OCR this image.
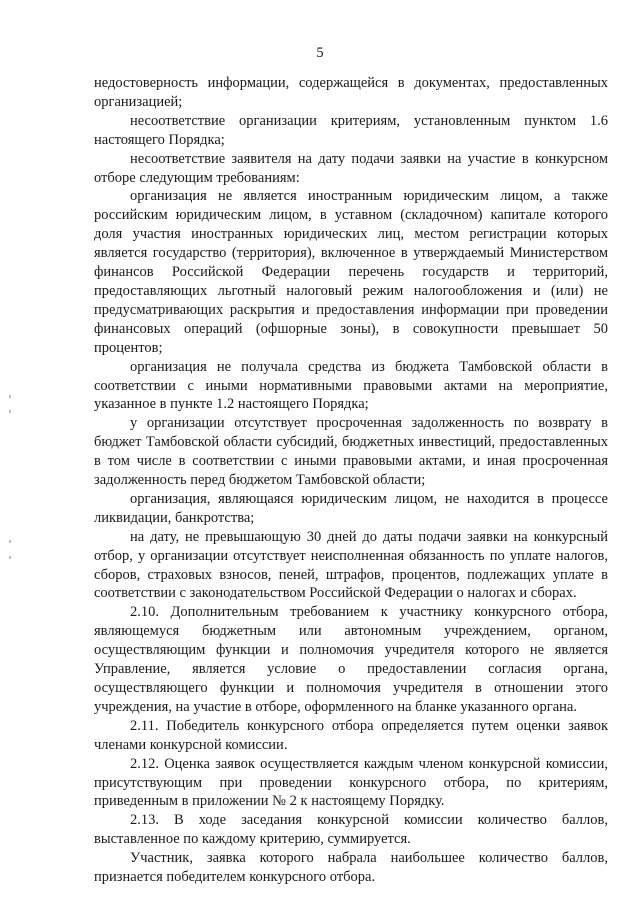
5

недостоверность информации, содержащейся в документах, предоставленных организацией;

несоответствие организации критериям, установленным пунктом 1.6 настоящего Порядка;

несоответствие заявителя на дату подачи заявки на участие в конкурсном отборе следующим требованиям:

организация не является иностранным юридическим лицом, а также российским юридическим лицом, в уставном (складочном) капитале которого доля участия иностранных юридических лиц, местом регистрации которых является государство (территория), включенное в утверждаемый Министерством финансов Российской Федерации перечень государств и территорий, предоставляющих льготный налоговый режим налогообложения и (или) не предусматривающих раскрытия и предоставления информации при проведении финансовых операций (офшорные зоны), в совокупности превышает 50 процентов;

организация не получала средства из бюджета Тамбовской области в соответствии с иными нормативными правовыми актами на мероприятие, указанное в пункте 1.2 настоящего Порядка;

у организации отсутствует просроченная задолженность по возврату в бюджет Тамбовской области субсидий, бюджетных инвестиций, предоставленных в том числе в соответствии с иными правовыми актами, и иная просроченная задолженность перед бюджетом Тамбовской области;

организация, являющаяся юридическим лицом, не находится в процессе ликвидации, банкротства;

на дату, не превышающую 30 дней до даты подачи заявки на конкурсный отбор, у организации отсутствует неисполненная обязанность по уплате налогов, сборов, страховых взносов, пеней, штрафов, процентов, подлежащих уплате в соответствии с законодательством Российской Федерации о налогах и сборах.

2.10. Дополнительным требованием к участнику конкурсного отбора, являющемуся бюджетным или автономным учреждением, органом, осуществляющим функции и полномочия учредителя которого не является Управление, является условие о предоставлении согласия органа, осуществляющего функции и полномочия учредителя в отношении этого учреждения, на участие в отборе, оформленного на бланке указанного органа.

2.11. Победитель конкурсного отбора определяется путем оценки заявок членами конкурсной комиссии.

2.12. Оценка заявок осуществляется каждым членом конкурсной комиссии, присутствующим при проведении конкурсного отбора, по критериям, приведенным в приложении № 2 к настоящему Порядку.

2.13. В ходе заседания конкурсной комиссии количество баллов, выставленное по каждому критерию, суммируется.

Участник, заявка которого набрала наибольшее количество баллов, признается победителем конкурсного отбора.
